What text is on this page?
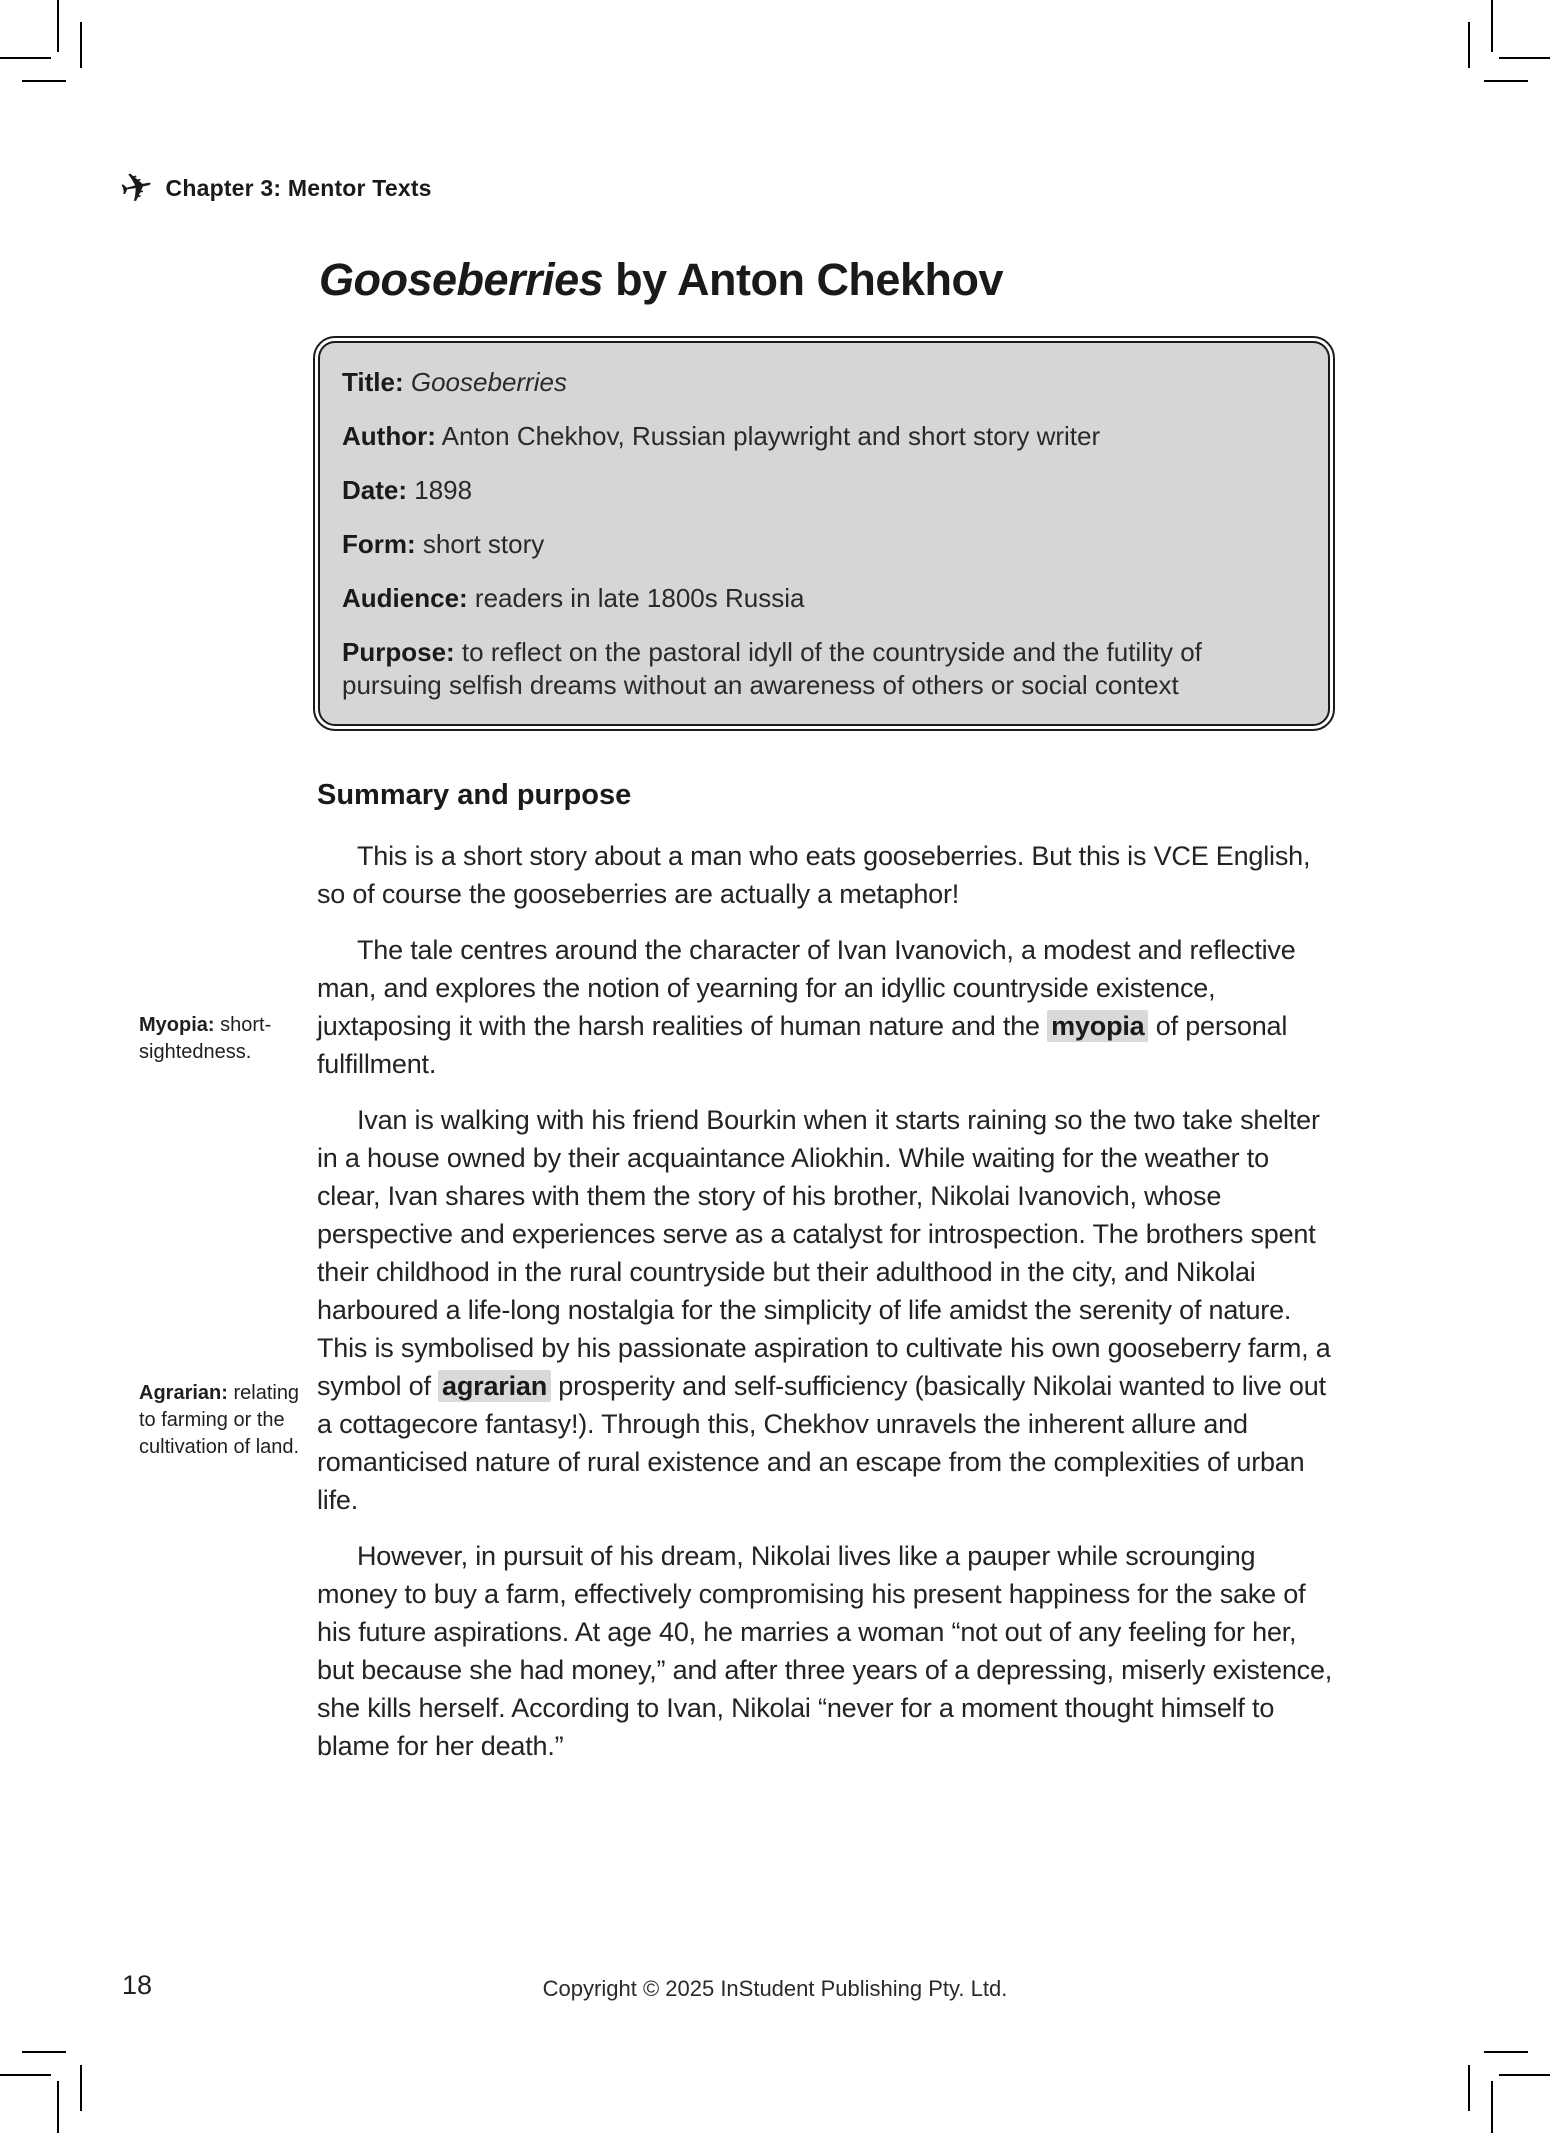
✈ Chapter 3: Mentor Texts
Gooseberries by Anton Chekhov
Title: Gooseberries
Author: Anton Chekhov, Russian playwright and short story writer
Date: 1898
Form: short story
Audience: readers in late 1800s Russia
Purpose: to reflect on the pastoral idyll of the countryside and the futility of pursuing selfish dreams without an awareness of others or social context
Summary and purpose

This is a short story about a man who eats gooseberries. But this is VCE English, so of course the gooseberries are actually a metaphor!

The tale centres around the character of Ivan Ivanovich, a modest and reflective man, and explores the notion of yearning for an idyllic countryside existence, juxtaposing it with the harsh realities of human nature and the myopia of personal fulfillment.

Ivan is walking with his friend Bourkin when it starts raining so the two take shelter in a house owned by their acquaintance Aliokhin. While waiting for the weather to clear, Ivan shares with them the story of his brother, Nikolai Ivanovich, whose perspective and experiences serve as a catalyst for introspection. The brothers spent their childhood in the rural countryside but their adulthood in the city, and Nikolai harboured a life-long nostalgia for the simplicity of life amidst the serenity of nature. This is symbolised by his passionate aspiration to cultivate his own gooseberry farm, a symbol of agrarian prosperity and self-sufficiency (basically Nikolai wanted to live out a cottagecore fantasy!). Through this, Chekhov unravels the inherent allure and romanticised nature of rural existence and an escape from the complexities of urban life.

However, in pursuit of his dream, Nikolai lives like a pauper while scrounging money to buy a farm, effectively compromising his present happiness for the sake of his future aspirations. At age 40, he marries a woman “not out of any feeling for her, but because she had money,” and after three years of a depressing, miserly existence, she kills herself. According to Ivan, Nikolai “never for a moment thought himself to blame for her death.”

Myopia: short-sightedness.
Agrarian: relating to farming or the cultivation of land.
18	Copyright © 2025 InStudent Publishing Pty. Ltd.
